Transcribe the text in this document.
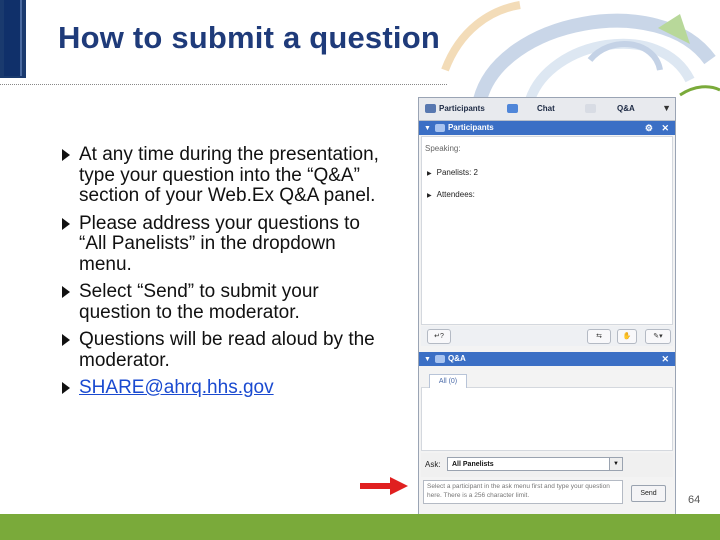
How to submit a question
At any time during the presentation, type your question into the “Q&A” section of your Web.Ex Q&A panel.
Please address your questions to “All Panelists” in the dropdown menu.
Select “Send” to submit your question to the moderator.
Questions will be read aloud by the moderator.
SHARE@ahrq.hhs.gov
Participants	Chat	Q&A	▼
▼ Participants	⚙ ✕
Speaking:
▶ Panelists: 2
▶ Attendees:
↵?	⇆	✋	✎▾
▼ Q&A	✕
All (0)
Ask:	All Panelists	▼
Select a participant in the ask menu first and type your question here. There is a 256 character limit.	Send
64
